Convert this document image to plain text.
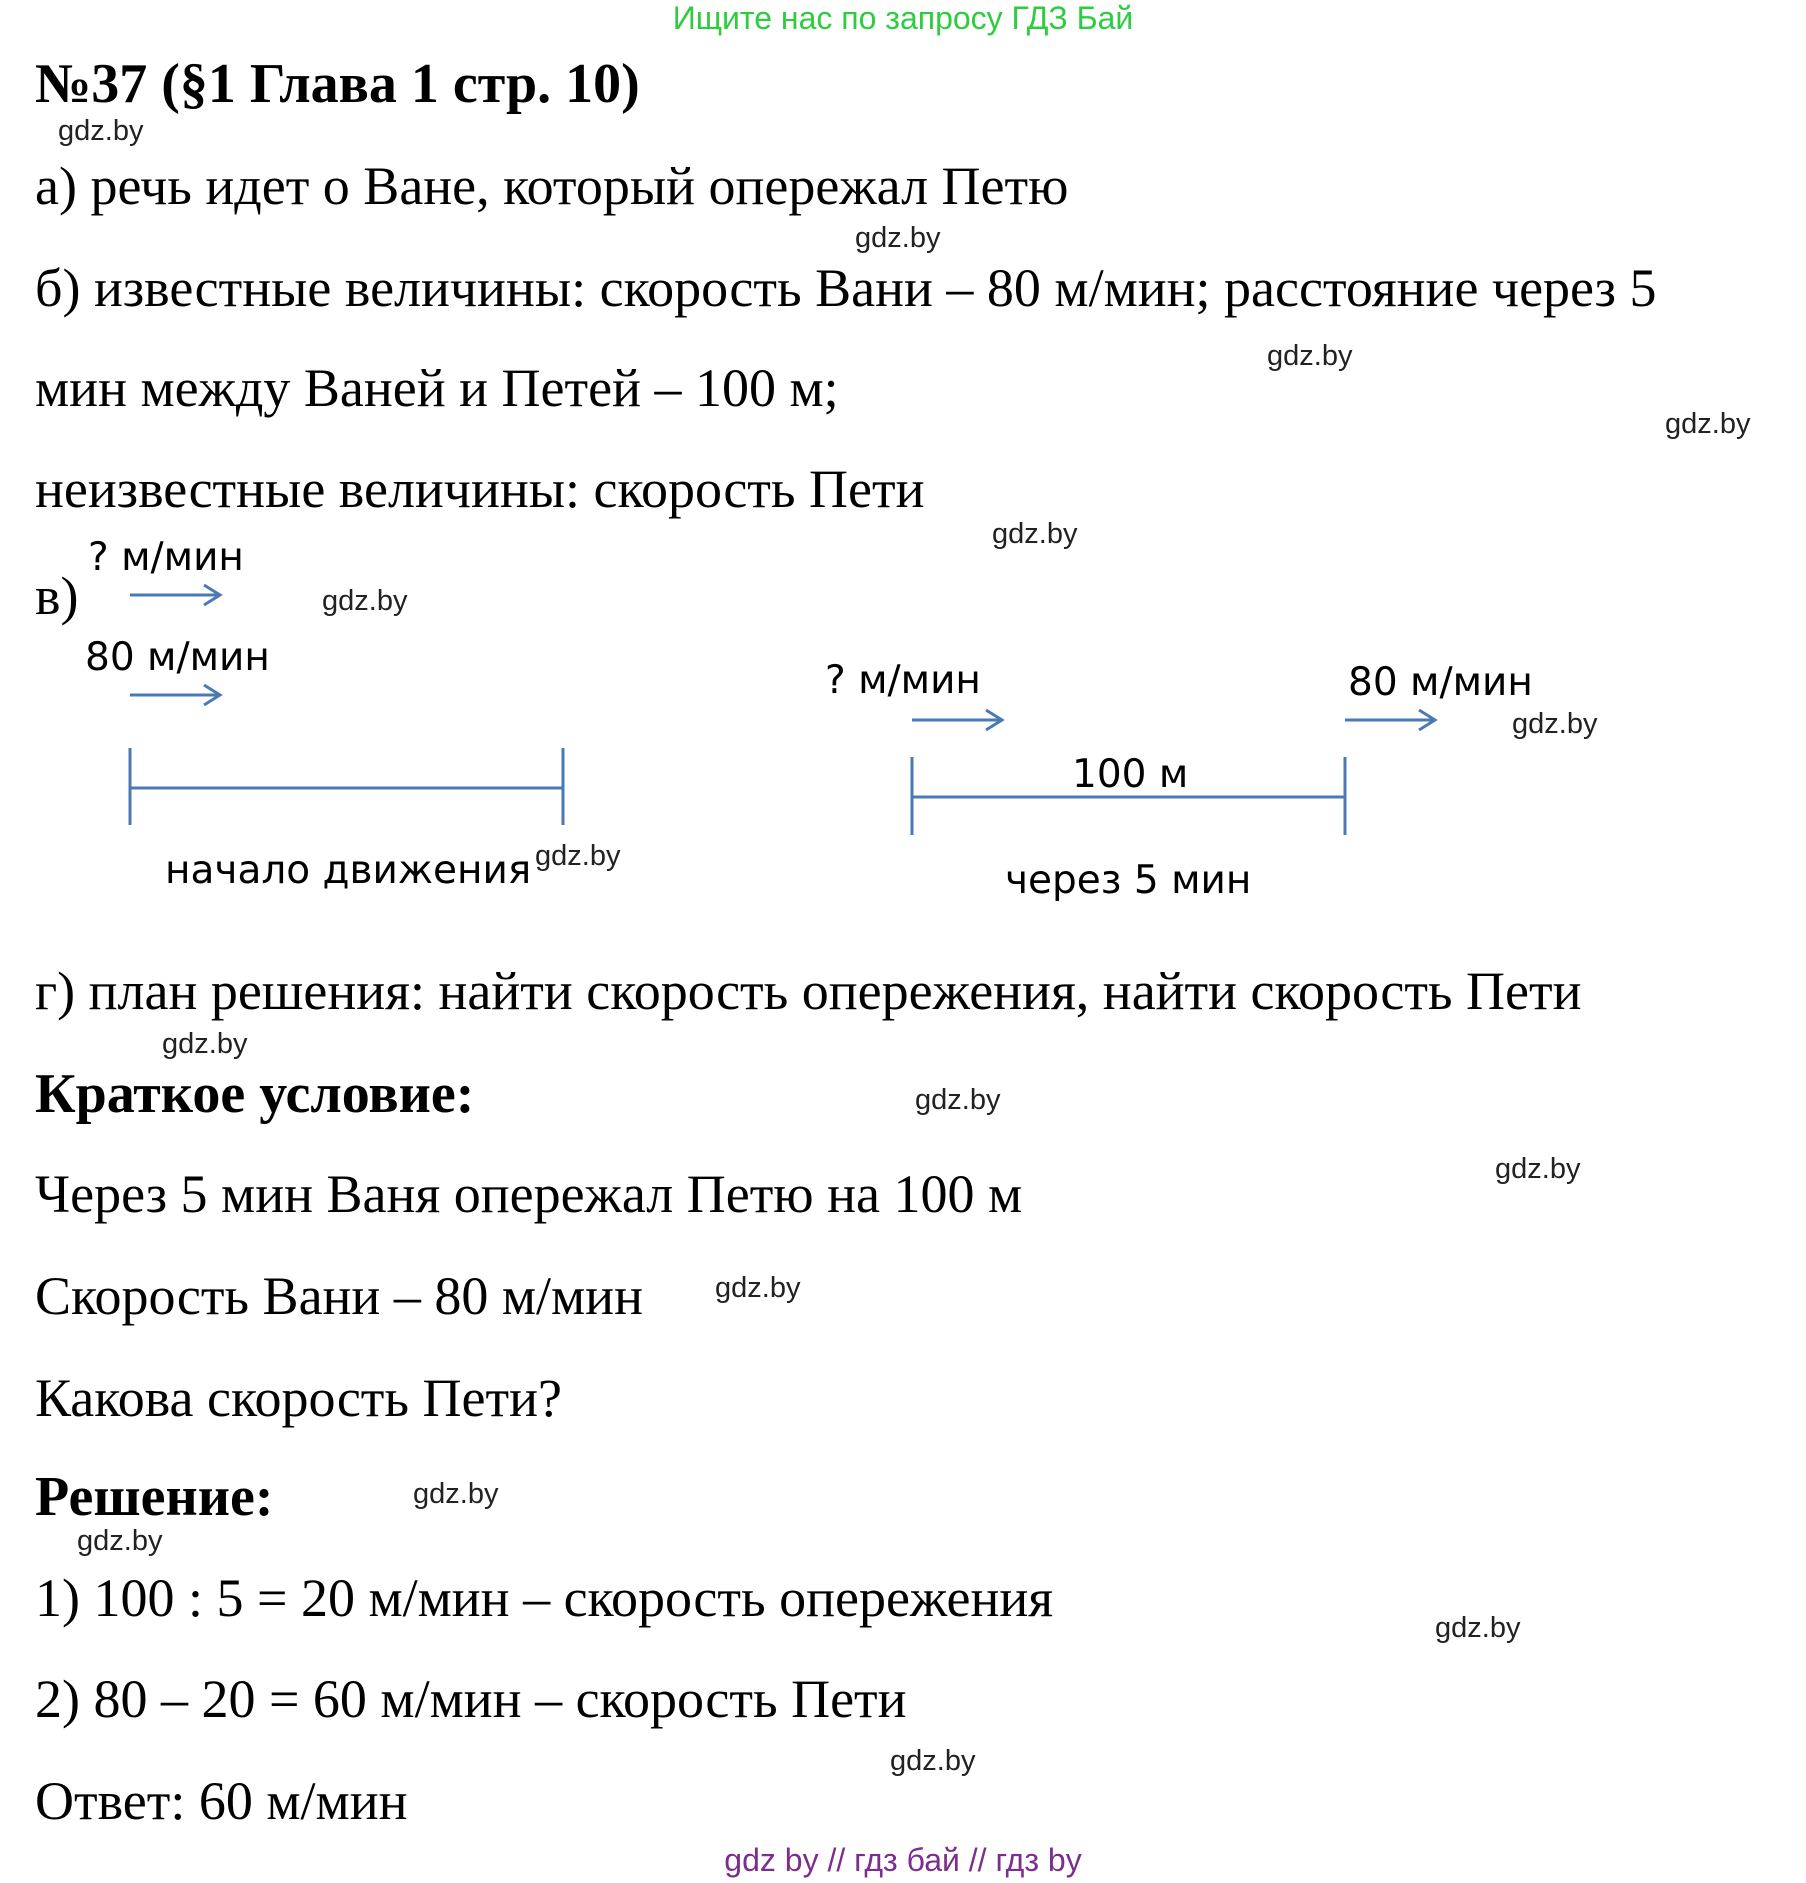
Ищите нас по запросу ГДЗ Бай
№37 (§1 Глава 1 стр. 10)
а) речь идет о Ване, который опережал Петю
б) известные величины: скорость Вани – 80 м/мин; расстояние через 5
мин между Ваней и Петей – 100 м;
неизвестные величины: скорость Пети
в)
? м/мин
80 м/мин
начало движения
? м/мин	80 м/мин
100 м
через 5 мин
г) план решения: найти скорость опережения, найти скорость Пети
Краткое условие:
Через 5 мин Ваня опережал Петю на 100 м
Скорость Вани – 80 м/мин
Какова скорость Пети?
Решение:
1) 100 : 5 = 20 м/мин – скорость опережения
2) 80 – 20 = 60 м/мин – скорость Пети
Ответ: 60 м/мин
gdz.by
gdz.by
gdz.by
gdz.by
gdz.by
gdz.by
gdz.by
gdz.by
gdz.by
gdz.by
gdz.by
gdz.by
gdz.by
gdz.by
gdz.by
gdz.by
gdz by // гдз бай // гдз by
